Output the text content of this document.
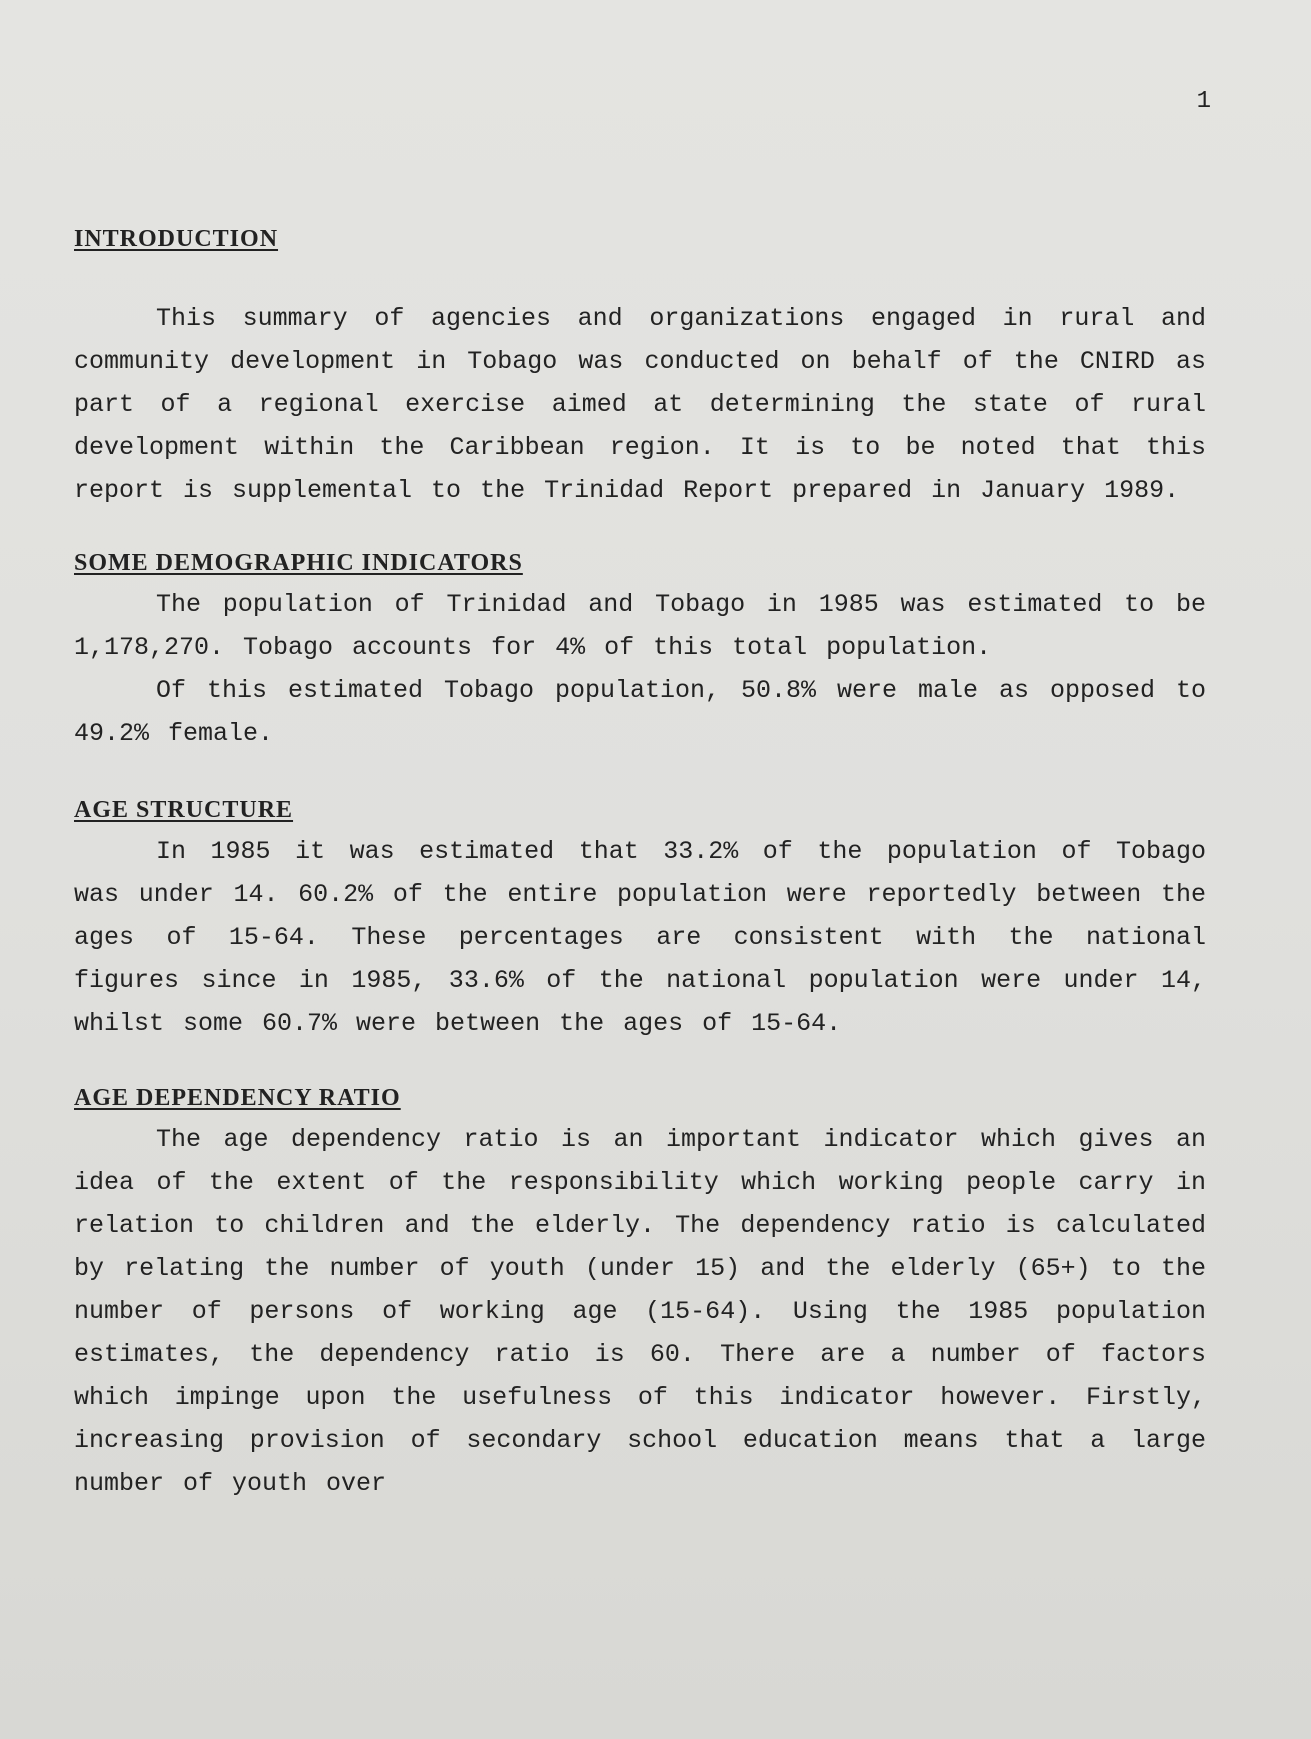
1

INTRODUCTION

This summary of agencies and organizations engaged in rural and community development in Tobago was conducted on behalf of the CNIRD as part of a regional exercise aimed at determining the state of rural development within the Caribbean region. It is to be noted that this report is supplemental to the Trinidad Report prepared in January 1989.

SOME DEMOGRAPHIC INDICATORS

The population of Trinidad and Tobago in 1985 was estimated to be 1,178,270. Tobago accounts for 4% of this total population.

Of this estimated Tobago population, 50.8% were male as opposed to 49.2% female.

AGE STRUCTURE

In 1985 it was estimated that 33.2% of the population of Tobago was under 14. 60.2% of the entire population were reportedly between the ages of 15-64. These percentages are consistent with the national figures since in 1985, 33.6% of the national population were under 14, whilst some 60.7% were between the ages of 15-64.

AGE DEPENDENCY RATIO

The age dependency ratio is an important indicator which gives an idea of the extent of the responsibility which working people carry in relation to children and the elderly. The dependency ratio is calculated by relating the number of youth (under 15) and the elderly (65+) to the number of persons of working age (15-64). Using the 1985 population estimates, the dependency ratio is 60. There are a number of factors which impinge upon the usefulness of this indicator however. Firstly, increasing provision of secondary school education means that a large number of youth over
